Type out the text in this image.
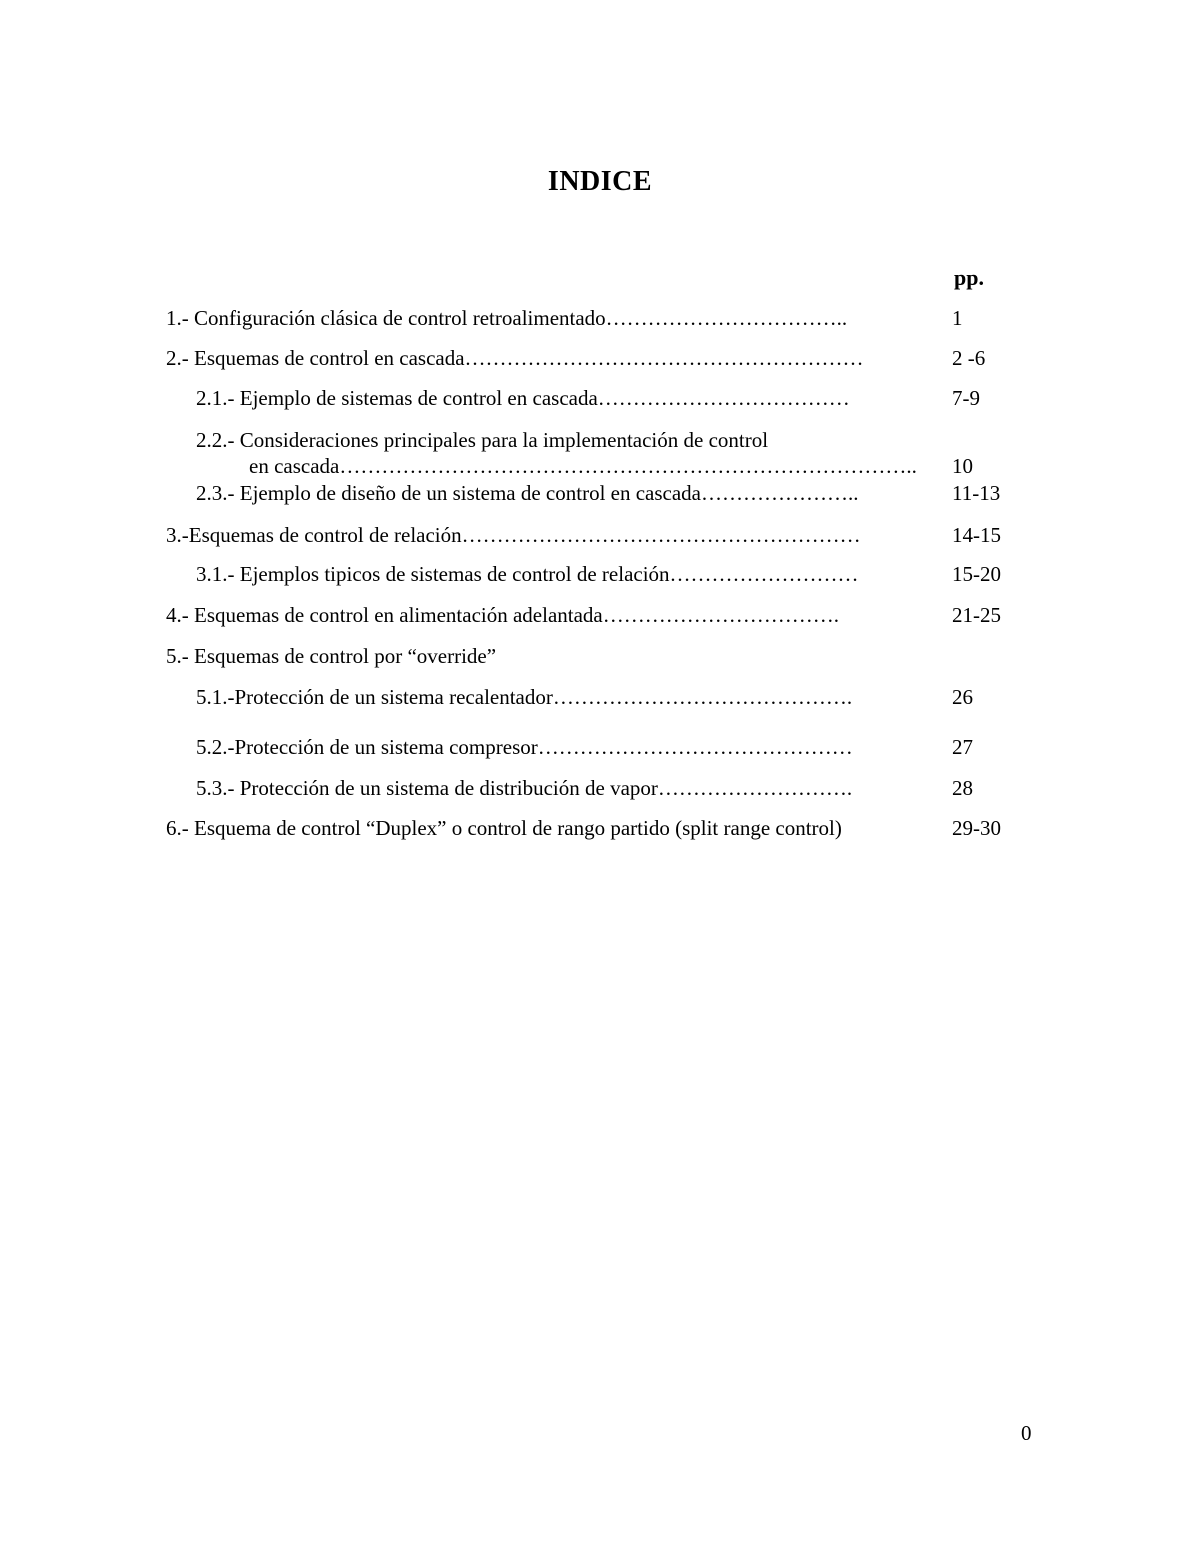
INDICE
pp.
1.- Configuración clásica de control retroalimentado……………………………..	1
2.- Esquemas de control en cascada…………………………………………………	2 -6
2.1.- Ejemplo de sistemas de control en cascada………………………………	7-9
2.2.- Consideraciones principales para la implementación de control
en cascada……………………………………………………………………….. 10
2.3.- Ejemplo de diseño de un sistema de control en cascada…………………..	11-13
3.-Esquemas de control de relación…………………………………………………	14-15
3.1.- Ejemplos tipicos de sistemas de control de relación………………………	15-20
4.- Esquemas de control en alimentación adelantada…………………………….	21-25
5.- Esquemas de control por “override”
5.1.-Protección de un sistema recalentador…………………………………….	26
5.2.-Protección de un sistema compresor………………………………………	27
5.3.- Protección de un sistema de distribución de vapor……………………….	28
6.- Esquema de control “Duplex” o control de rango partido (split range control)	29-30
0
